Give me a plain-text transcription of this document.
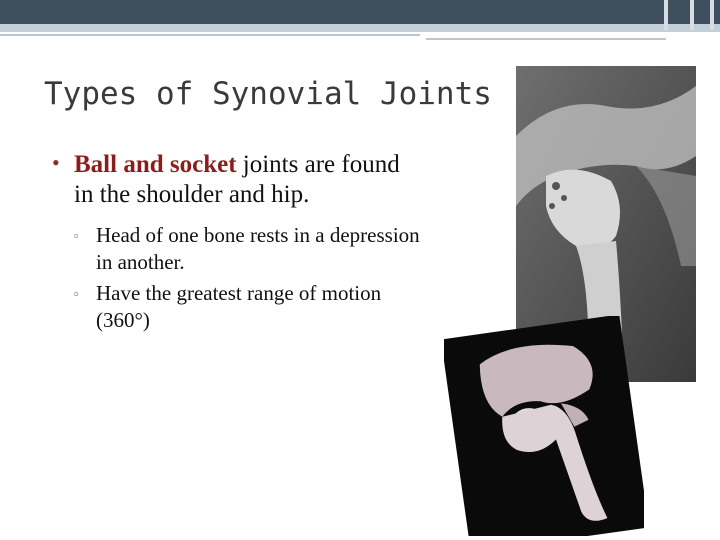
Types of Synovial Joints
• Ball and socket joints are found in the shoulder and hip.
▫ Head of one bone rests in a depression in another.
▫ Have the greatest range of motion (360°)
